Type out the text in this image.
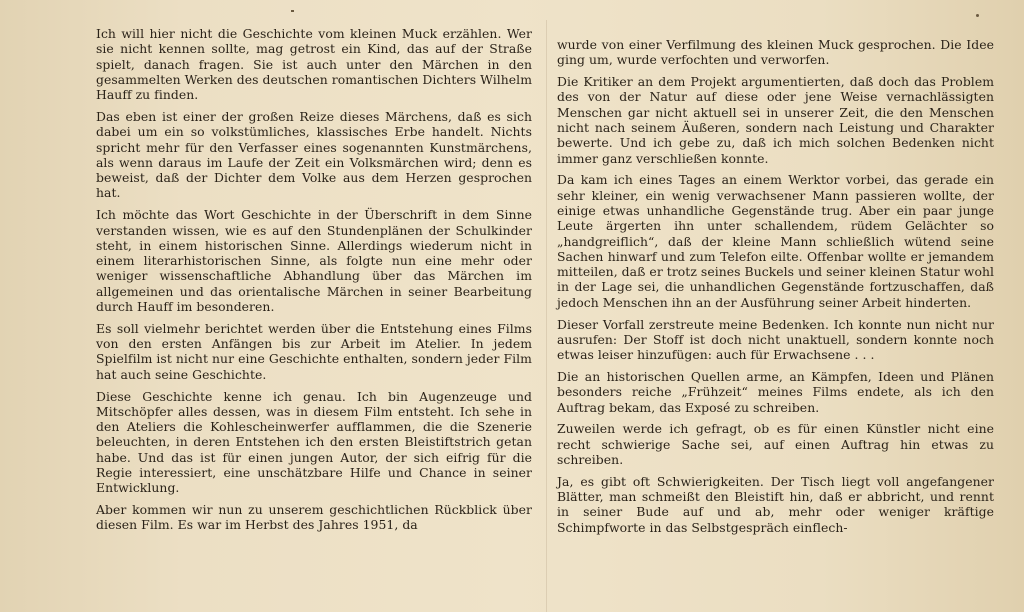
Ich will hier nicht die Geschichte vom kleinen Muck erzählen. Wer sie nicht kennen sollte, mag getrost ein Kind, das auf der Straße spielt, danach fragen. Sie ist auch unter den Märchen in den gesammelten Werken des deutschen romantischen Dichters Wilhelm Hauff zu finden.

Das eben ist einer der großen Reize dieses Märchens, daß es sich dabei um ein so volkstümliches, klassisches Erbe handelt. Nichts spricht mehr für den Verfasser eines sogenannten Kunstmärchens, als wenn daraus im Laufe der Zeit ein Volksmärchen wird; denn es beweist, daß der Dichter dem Volke aus dem Herzen gesprochen hat.

Ich möchte das Wort Geschichte in der Überschrift in dem Sinne verstanden wissen, wie es auf den Stundenplänen der Schulkinder steht, in einem historischen Sinne. Allerdings wiederum nicht in einem literarhistorischen Sinne, als folgte nun eine mehr oder weniger wissenschaftliche Abhandlung über das Märchen im allgemeinen und das orientalische Märchen in seiner Bearbeitung durch Hauff im besonderen.

Es soll vielmehr berichtet werden über die Entstehung eines Films von den ersten Anfängen bis zur Arbeit im Atelier. In jedem Spielfilm ist nicht nur eine Geschichte enthalten, sondern jeder Film hat auch seine Geschichte.

Diese Geschichte kenne ich genau. Ich bin Augenzeuge und Mitschöpfer alles dessen, was in diesem Film entsteht. Ich sehe in den Ateliers die Kohlescheinwerfer aufflammen, die die Szenerie beleuchten, in deren Entstehen ich den ersten Bleistiftstrich getan habe. Und das ist für einen jungen Autor, der sich eifrig für die Regie interessiert, eine unschätzbare Hilfe und Chance in seiner Entwicklung.

Aber kommen wir nun zu unserem geschichtlichen Rückblick über diesen Film. Es war im Herbst des Jahres 1951, da

wurde von einer Verfilmung des kleinen Muck gesprochen. Die Idee ging um, wurde verfochten und verworfen.

Die Kritiker an dem Projekt argumentierten, daß doch das Problem des von der Natur auf diese oder jene Weise vernachlässigten Menschen gar nicht aktuell sei in unserer Zeit, die den Menschen nicht nach seinem Äußeren, sondern nach Leistung und Charakter bewerte. Und ich gebe zu, daß ich mich solchen Bedenken nicht immer ganz verschließen konnte.

Da kam ich eines Tages an einem Werktor vorbei, das gerade ein sehr kleiner, ein wenig verwachsener Mann passieren wollte, der einige etwas unhandliche Gegenstände trug. Aber ein paar junge Leute ärgerten ihn unter schallendem, rüdem Gelächter so „handgreiflich“, daß der kleine Mann schließlich wütend seine Sachen hinwarf und zum Telefon eilte. Offenbar wollte er jemandem mitteilen, daß er trotz seines Buckels und seiner kleinen Statur wohl in der Lage sei, die unhandlichen Gegenstände fortzuschaffen, daß jedoch Menschen ihn an der Ausführung seiner Arbeit hinderten.

Dieser Vorfall zerstreute meine Bedenken. Ich konnte nun nicht nur ausrufen: Der Stoff ist doch nicht unaktuell, sondern konnte noch etwas leiser hinzufügen: auch für Erwachsene . . .

Die an historischen Quellen arme, an Kämpfen, Ideen und Plänen besonders reiche „Frühzeit“ meines Films endete, als ich den Auftrag bekam, das Exposé zu schreiben.

Zuweilen werde ich gefragt, ob es für einen Künstler nicht eine recht schwierige Sache sei, auf einen Auftrag hin etwas zu schreiben.

Ja, es gibt oft Schwierigkeiten. Der Tisch liegt voll angefangener Blätter, man schmeißt den Bleistift hin, daß er abbricht, und rennt in seiner Bude auf und ab, mehr oder weniger kräftige Schimpfworte in das Selbstgespräch einflech-
